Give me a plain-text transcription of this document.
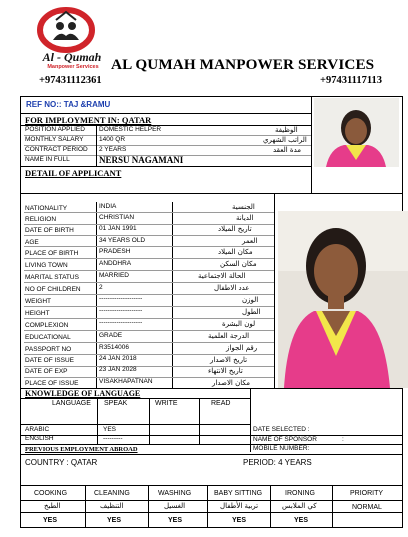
Al - Qumah
Manpower Services AL QUMAH MANPOWER SERVICES
+97431112361	+97431117113
REF NO:: TAJ &RAMU
FOR IMPLOYMENT IN: QATAR
POSITION APPLIED DOMESTIC HELPER	الوظيفة
MONTHLY SALARY 1400 QR	الراتب الشهري
CONTRACT PERIOD 2 YEARS	مدة العقد
NAME IN FULL	NERSU NAGAMANI
DETAIL OF APPLICANT
NATIONALITY	INDIA	الجنسية
RELIGION	CHRISTIAN	الديانة
DATE OF BIRTH	01 JAN 1991	تاريخ الميلاد
AGE	34 YEARS OLD	العمر
PLACE OF BIRTH	PRADESH	مكان الميلاد
LIVING TOWN	ANDDHRA	مكان السكن
MARITAL STATUS	MARRIED	الحالة الاجتماعية
NO OF CHILDREN	2	عدد الاطفال
WEIGHT	--------------------	الوزن
HEIGHT	--------------------	الطول
COMPLEXION	--------------------	لون البشرة
EDUCATIONAL	GRADE	الدرجة العلمية
PASSPORT NO	R3514006	رقم الجواز
DATE OF ISSUE	24 JAN 2018	تاريخ الاصدار
DATE OF EXP	23 JAN 2028	تاريخ الانتهاء
PLACE OF ISSUE	VISAKHAPATNAN	مكان الاصدار
KNOWLEDGE OF LANGUAGE
LANGUAGE SPEAK	WRITE	READ
ARABIC	YES
ENGLISH	---------
DATE SELECTED :
NAME OF SPONSOR	:
MOBILE NUMBER:
PREVIOUS EMPLOYMENT ABROAD
COUNTRY : QATAR	PERIOD: 4 YEARS
COOKING	CLEANING	WASHING	BABY SITTING	IRONING	PRIORITY
الطبخ	التنظيف	الغسيل	تربية الأطفال	كي الملابس	NORMAL
YES	YES	YES	YES	YES
